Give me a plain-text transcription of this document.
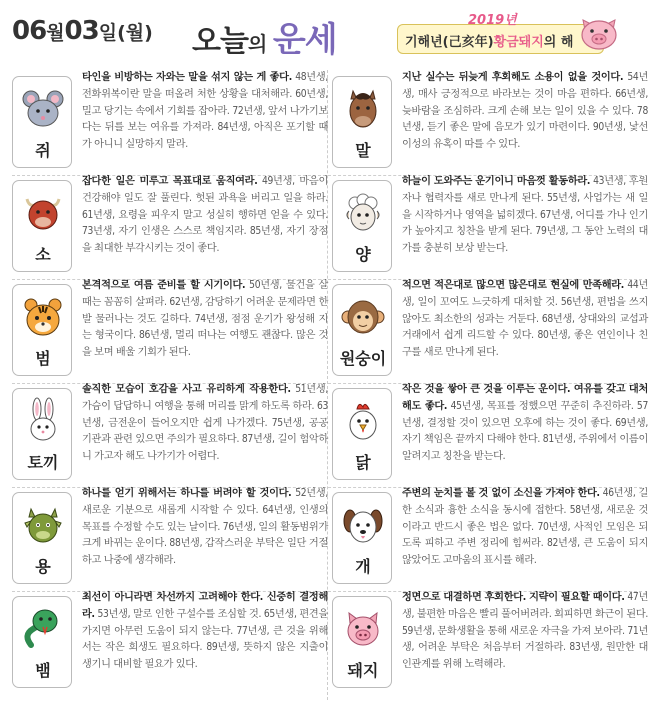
06월03일(월) 오늘의 운세	2019년
기해년(己亥年)황금돼지의 해
쥐
타인을 비방하는 자와는 말을 섞지 않는 게 좋다. 48년생, 전화위복이란 말을 떠올려 처한 상황을 대처해라. 60년생, 밀고 당기는 속에서 기회를 잡아라. 72년생, 앞서 나가기보다는 뒤를 보는 여유를 가져라. 84년생, 아직은 포기할 때가 아니니 실망하지 말라.	말
지난 실수는 뒤늦게 후회해도 소용이 없을 것이다. 54년생, 매사 긍정적으로 바라보는 것이 마음 편하다. 66년생, 늦바람을 조심하라. 크게 손해 보는 일이 있을 수 있다. 78년생, 듣기 좋은 말에 음모가 있기 마련이다. 90년생, 낯선 이성의 유혹이 따를 수 있다.
소
잡다한 일은 미루고 목표대로 움직여라. 49년생, 마음이 건강해야 일도 잘 풀린다. 헛된 과욕을 버리고 일을 하라. 61년생, 요령을 피우지 말고 성실히 행하면 얻을 수 있다. 73년생, 자기 인생은 스스로 책임지라. 85년생, 자기 장점을 최대한 부각시키는 것이 좋다.	양
하늘이 도와주는 운기이니 마음껏 활동하라. 43년생, 후원자나 협력자를 새로 만나게 된다. 55년생, 사업가는 새 일을 시작하거나 영역을 넓히겠다. 67년생, 어디를 가나 인기가 높아지고 칭찬을 받게 된다. 79년생, 그 동안 노력의 대가를 충분히 보상 받는다.
범
본격적으로 여름 준비를 할 시기이다. 50년생, 물건을 살 때는 꼼꼼히 살펴라. 62년생, 감당하기 어려운 문제라면 한 발 물러나는 것도 길하다. 74년생, 점점 운기가 왕성해 지는 형국이다. 86년생, 멀리 떠나는 여행도 괜찮다. 많은 것을 보며 배울 기회가 된다.	원숭이
적으면 적은대로 많으면 많은대로 현실에 만족해라. 44년생, 일이 꼬여도 느긋하게 대처할 것. 56년생, 편법을 쓰지 않아도 최소한의 성과는 거둔다. 68년생, 상대와의 교섭과 거래에서 쉽게 리드할 수 있다. 80년생, 좋은 연인이나 친구를 새로 만나게 된다.
토끼
솔직한 모습이 호감을 사고 유리하게 작용한다. 51년생, 가슴이 답답하니 여행을 통해 머리를 맑게 하도록 하라. 63년생, 금전운이 들어오지만 쉽게 나가겠다. 75년생, 공공 기관과 관련 있으면 주의가 필요하다. 87년생, 길이 험악하니 가고자 해도 나가기가 어렵다.	닭
작은 것을 쌓아 큰 것을 이루는 운이다. 여유를 갖고 대처해도 좋다. 45년생, 목표를 정했으면 꾸준히 추진하라. 57년생, 결정할 것이 있으면 오후에 하는 것이 좋다. 69년생, 자기 책임은 끝까지 다해야 한다. 81년생, 주위에서 이름이 알려지고 칭찬을 받는다.
용
하나를 얻기 위해서는 하나를 버려야 할 것이다. 52년생, 새로운 기분으로 새롭게 시작할 수 있다. 64년생, 인생의 목표를 수정할 수도 있는 날이다. 76년생, 일의 활동범위가 크게 바뀌는 운이다. 88년생, 갑작스러운 부탁은 일단 거절하고 나중에 생각해라.	개
주변의 눈치를 볼 것 없이 소신을 가져야 한다. 46년생, 길한 소식과 흉한 소식을 동시에 접한다. 58년생, 새로운 것이라고 반드시 좋은 법은 없다. 70년생, 사적인 모임은 되도록 피하고 주변 정리에 힘써라. 82년생, 큰 도움이 되지 않았어도 고마움의 표시를 해라.
뱀
최선이 아니라면 차선까지 고려해야 한다. 신중히 결정해라. 53년생, 말로 인한 구설수를 조심할 것. 65년생, 편견을 가지면 아무런 도움이 되지 않는다. 77년생, 큰 것을 위해서는 작은 희생도 필요하다. 89년생, 뜻하지 않은 지출이 생기니 대비할 필요가 있다.	돼지
정면으로 대결하면 후회한다. 지략이 필요할 때이다. 47년생, 불편한 마음은 빨리 풀어버려라. 회피하면 화근이 된다. 59년생, 문화생활을 통해 새로운 자극을 가져 보아라. 71년생, 어려운 부탁은 처음부터 거절하라. 83년생, 원만한 대인관계를 위해 노력해라.
